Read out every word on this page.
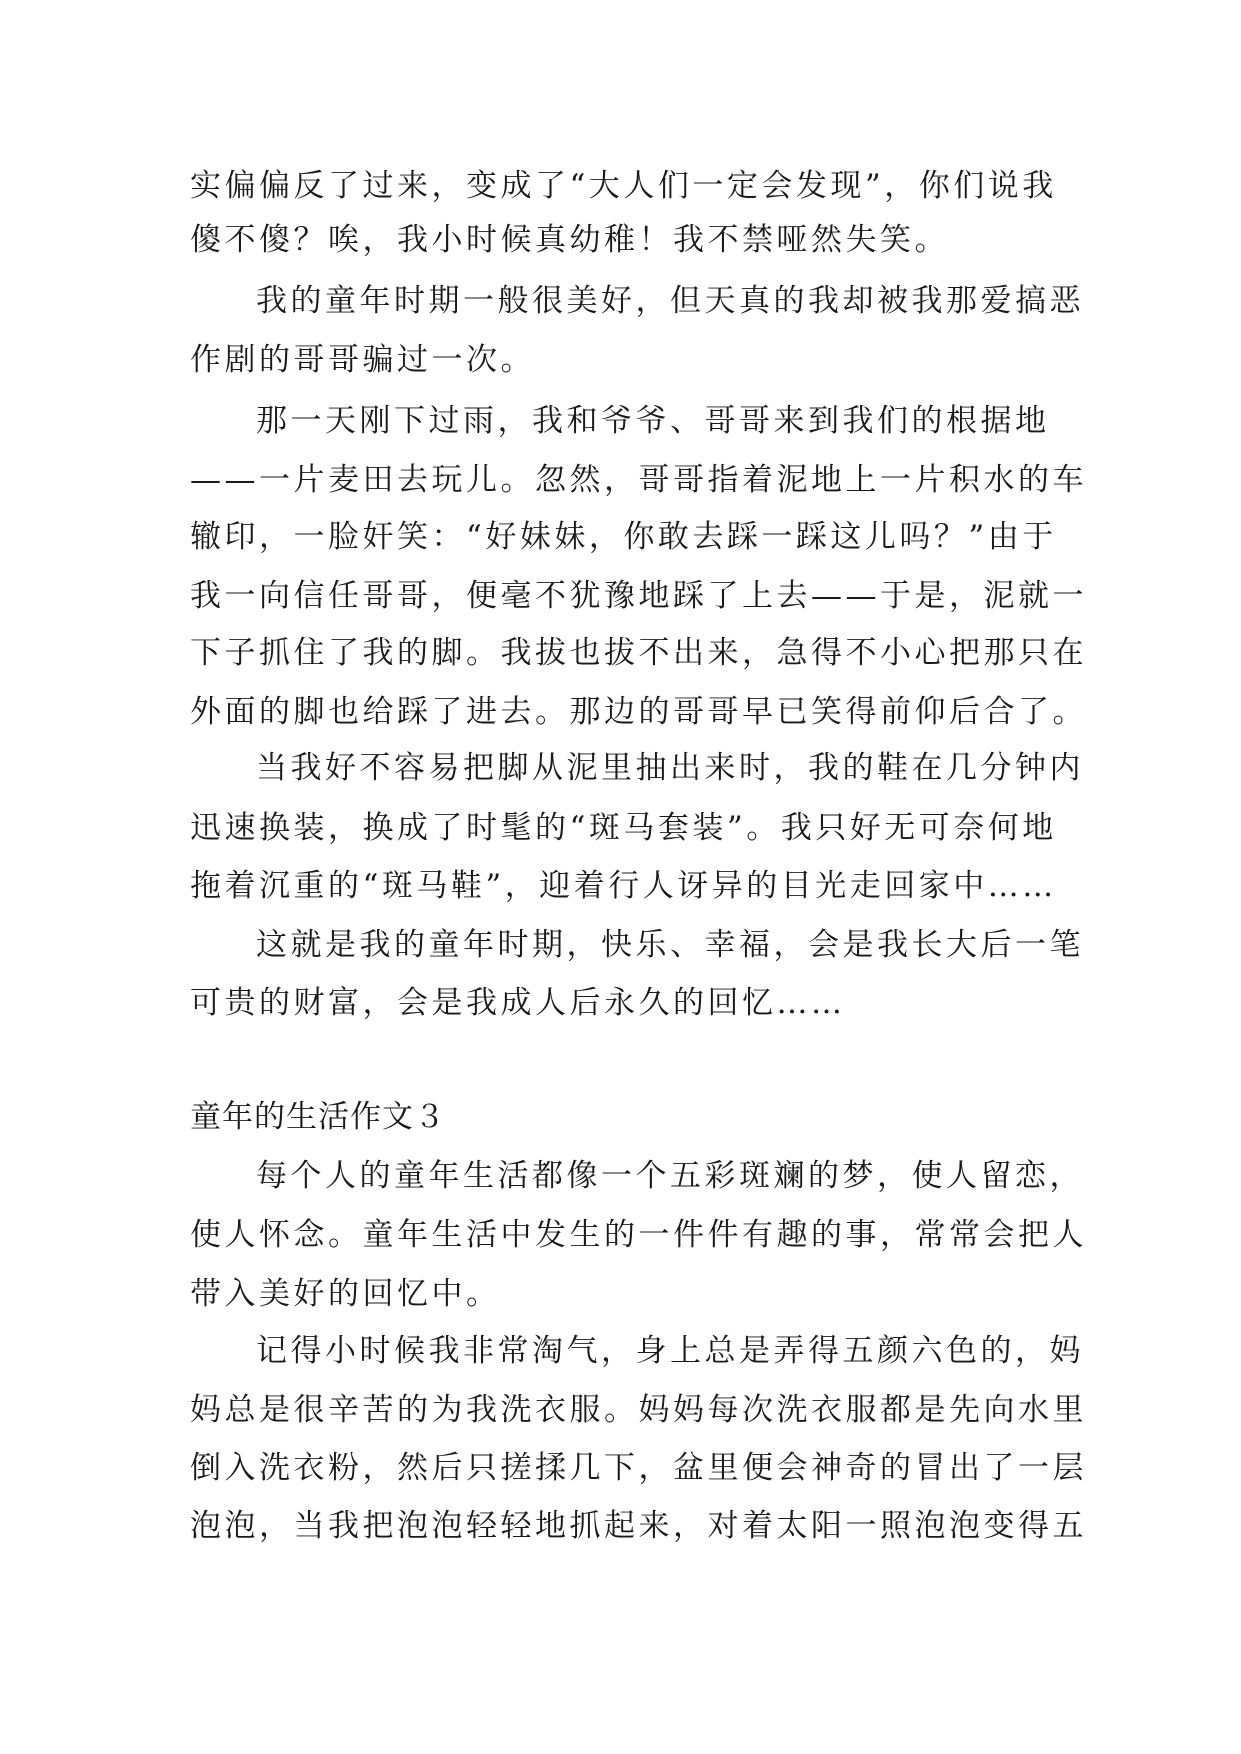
实偏偏反了过来，变成了“大人们一定会发现”，你们说我

傻不傻？唉，我小时候真幼稚！我不禁哑然失笑。

我的童年时期一般很美好，但天真的我却被我那爱搞恶

作剧的哥哥骗过一次。

那一天刚下过雨，我和爷爷、哥哥来到我们的根据地

——一片麦田去玩儿。忽然，哥哥指着泥地上一片积水的车

辙印，一脸奸笑：“好妹妹，你敢去踩一踩这儿吗？”由于

我一向信任哥哥，便毫不犹豫地踩了上去——于是，泥就一

下子抓住了我的脚。我拔也拔不出来，急得不小心把那只在

外面的脚也给踩了进去。那边的哥哥早已笑得前仰后合了。

当我好不容易把脚从泥里抽出来时，我的鞋在几分钟内

迅速换装，换成了时髦的“斑马套装”。我只好无可奈何地

拖着沉重的“斑马鞋”，迎着行人讶异的目光走回家中……

这就是我的童年时期，快乐、幸福，会是我长大后一笔

可贵的财富，会是我成人后永久的回忆……

童年的生活作文３

每个人的童年生活都像一个五彩斑斓的梦，使人留恋，

使人怀念。童年生活中发生的一件件有趣的事，常常会把人

带入美好的回忆中。

记得小时候我非常淘气，身上总是弄得五颜六色的，妈

妈总是很辛苦的为我洗衣服。妈妈每次洗衣服都是先向水里

倒入洗衣粉，然后只搓揉几下，盆里便会神奇的冒出了一层

泡泡，当我把泡泡轻轻地抓起来，对着太阳一照泡泡变得五
